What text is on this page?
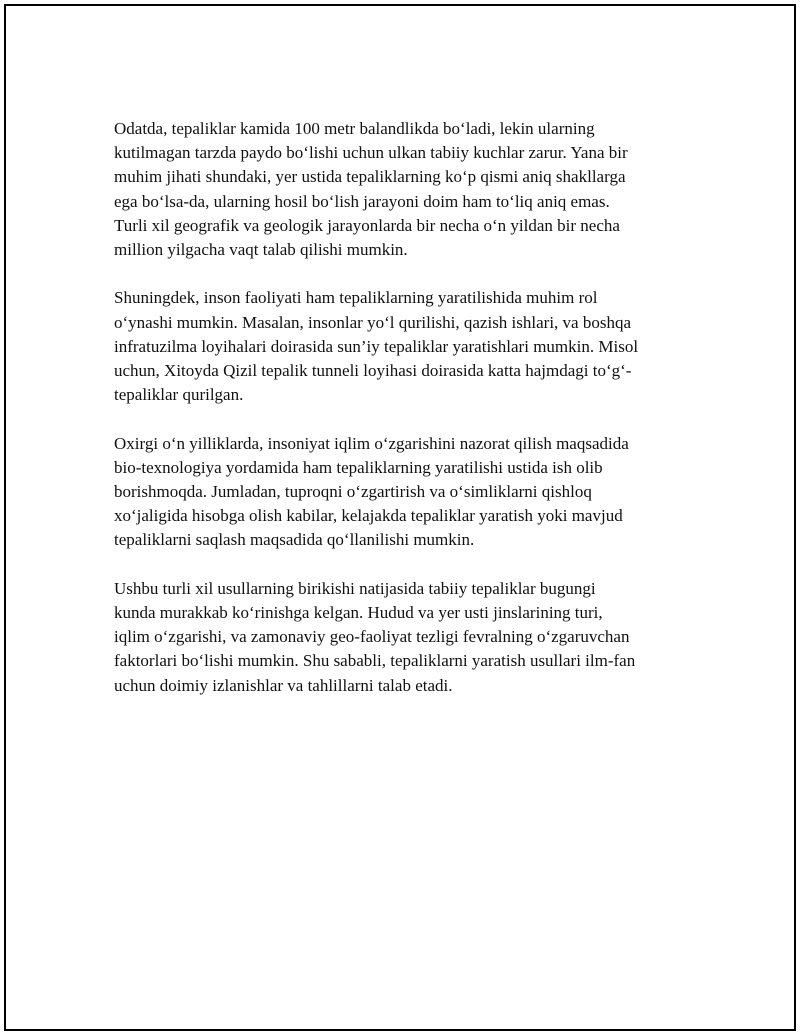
Odatda, tepaliklar kamida 100 metr balandlikda bo‘ladi, lekin ularning
kutilmagan tarzda paydo bo‘lishi uchun ulkan tabiiy kuchlar zarur. Yana bir
muhim jihati shundaki, yer ustida tepaliklarning ko‘p qismi aniq shakllarga
ega bo‘lsa-da, ularning hosil bo‘lish jarayoni doim ham to‘liq aniq emas.
Turli xil geografik va geologik jarayonlarda bir necha o‘n yildan bir necha
million yilgacha vaqt talab qilishi mumkin.

Shuningdek, inson faoliyati ham tepaliklarning yaratilishida muhim rol
o‘ynashi mumkin. Masalan, insonlar yo‘l qurilishi, qazish ishlari, va boshqa
infratuzilma loyihalari doirasida sun’iy tepaliklar yaratishlari mumkin. Misol
uchun, Xitoyda Qizil tepalik tunneli loyihasi doirasida katta hajmdagi to‘g‘-
tepaliklar qurilgan.

Oxirgi o‘n yilliklarda, insoniyat iqlim o‘zgarishini nazorat qilish maqsadida
bio-texnologiya yordamida ham tepaliklarning yaratilishi ustida ish olib
borishmoqda. Jumladan, tuproqni o‘zgartirish va o‘simliklarni qishloq
xo‘jaligida hisobga olish kabilar, kelajakda tepaliklar yaratish yoki mavjud
tepaliklarni saqlash maqsadida qo‘llanilishi mumkin.

Ushbu turli xil usullarning birikishi natijasida tabiiy tepaliklar bugungi
kunda murakkab ko‘rinishga kelgan. Hudud va yer usti jinslarining turi,
iqlim o‘zgarishi, va zamonaviy geo-faoliyat tezligi fevralning o‘zgaruvchan
faktorlari bo‘lishi mumkin. Shu sababli, tepaliklarni yaratish usullari ilm-fan
uchun doimiy izlanishlar va tahlillarni talab etadi.
